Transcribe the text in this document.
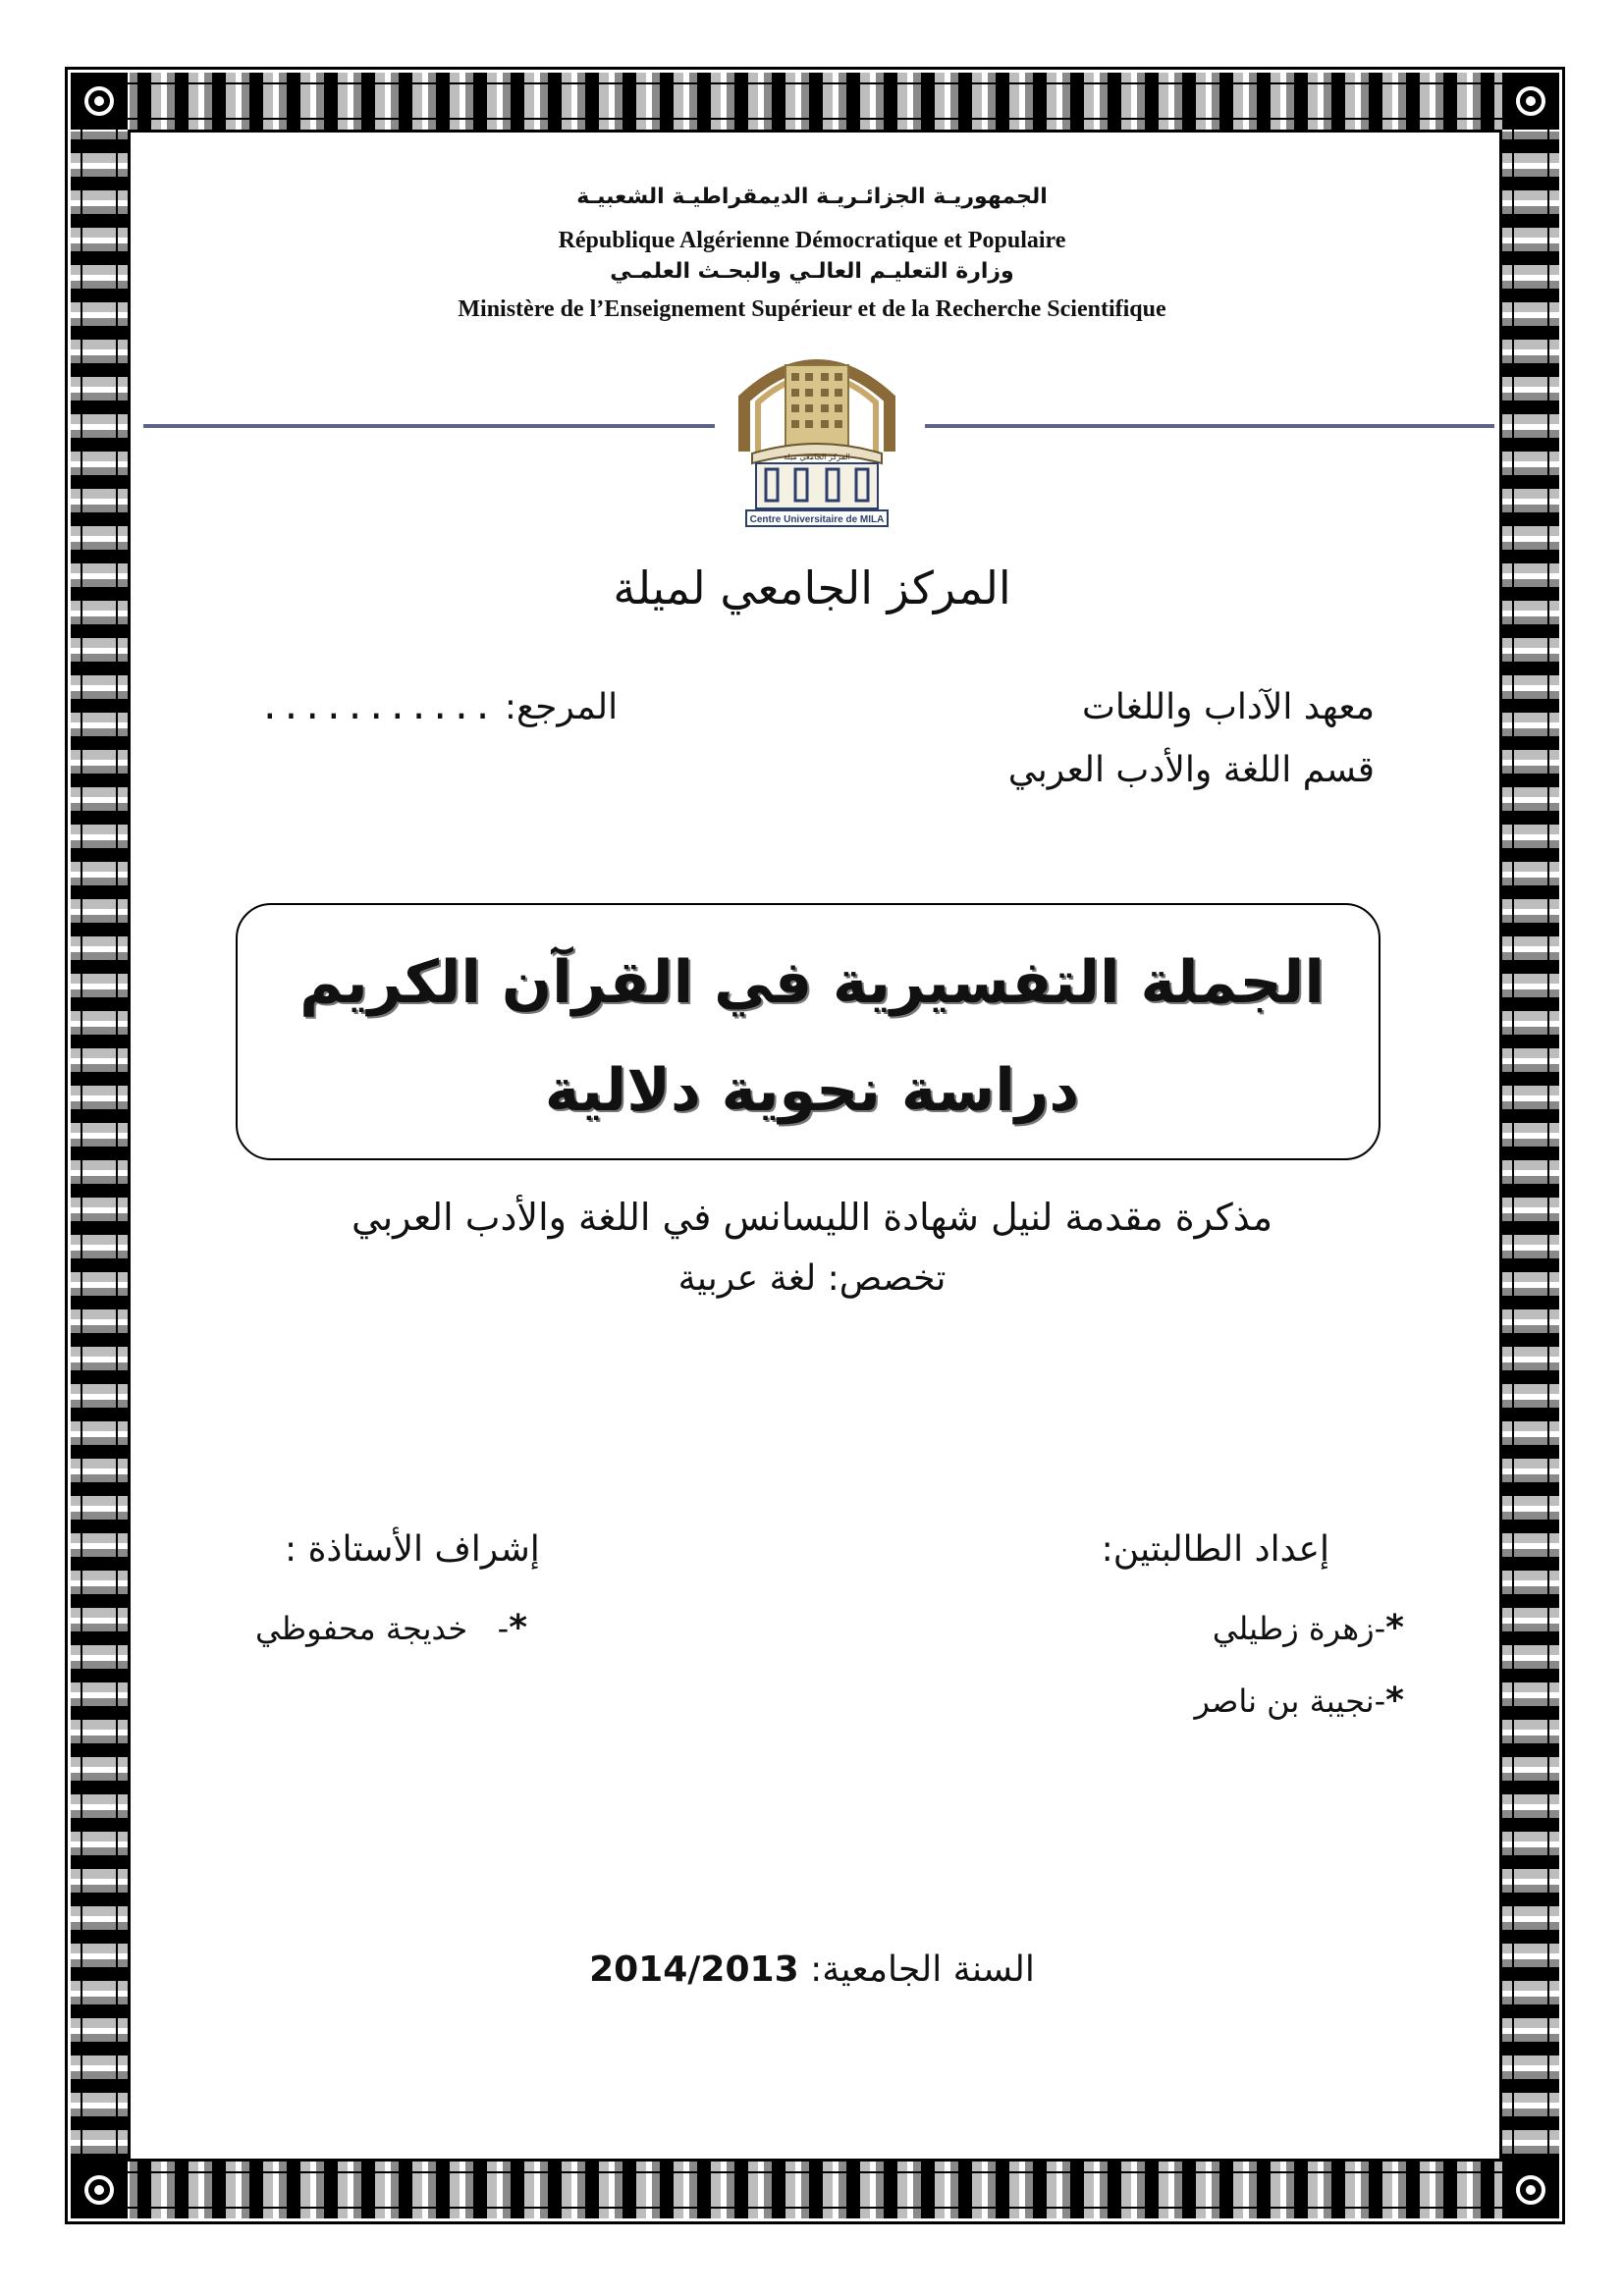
الجمهوريـة الجزائـريـة الديمقراطيـة الشعبيـة
République Algérienne Démocratique et Populaire
وزارة التعليـم العالـي والبحـث العلمـي
Ministère de l’Enseignement Supérieur et de la Recherche Scientifique
المركز الجامعي ميلة
Centre Universitaire de MILA
المركز الجامعي لميلة
معهد الآداب واللغات
قسم اللغة والأدب العربي
المرجع: ...........
الجملة التفسيرية في القرآن الكريم
دراسة نحوية دلالية
مذكرة مقدمة لنيل شهادة الليسانس في اللغة والأدب العربي
تخصص: لغة عربية
إعداد الطالبتين:
*-زهرة زطيلي
*-نجيبة بن ناصر
إشراف الأستاذة :
*-   خديجة محفوظي
السنة الجامعية: 2014/2013
